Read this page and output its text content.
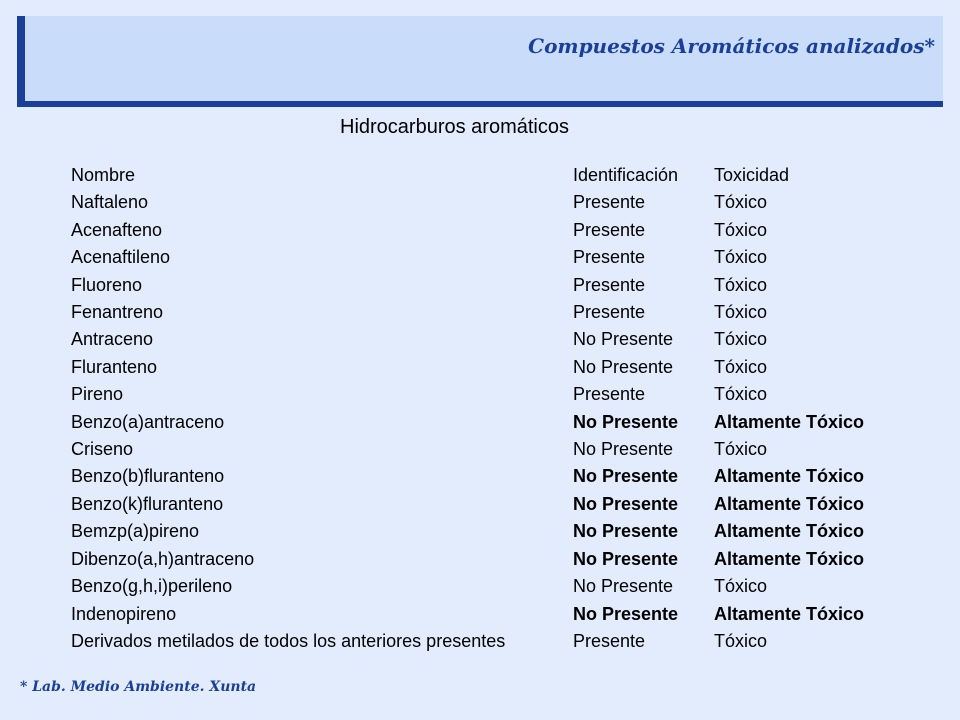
Compuestos Aromáticos analizados*
Hidrocarburos aromáticos
Nombre	Identificación	Toxicidad
Naftaleno	Presente	Tóxico
Acenafteno	Presente	Tóxico
Acenaftileno	Presente	Tóxico
Fluoreno	Presente	Tóxico
Fenantreno	Presente	Tóxico
Antraceno	No Presente	Tóxico
Fluranteno	No Presente	Tóxico
Pireno	Presente	Tóxico
Benzo(a)antraceno	No Presente	Altamente Tóxico
Criseno	No Presente	Tóxico
Benzo(b)fluranteno	No Presente	Altamente Tóxico
Benzo(k)fluranteno	No Presente	Altamente Tóxico
Bemzp(a)pireno	No Presente	Altamente Tóxico
Dibenzo(a,h)antraceno	No Presente	Altamente Tóxico
Benzo(g,h,i)perileno	No Presente	Tóxico
Indenopireno	No Presente	Altamente Tóxico
Derivados metilados de todos los anteriores presentes	Presente	Tóxico
* Lab. Medio Ambiente. Xunta
